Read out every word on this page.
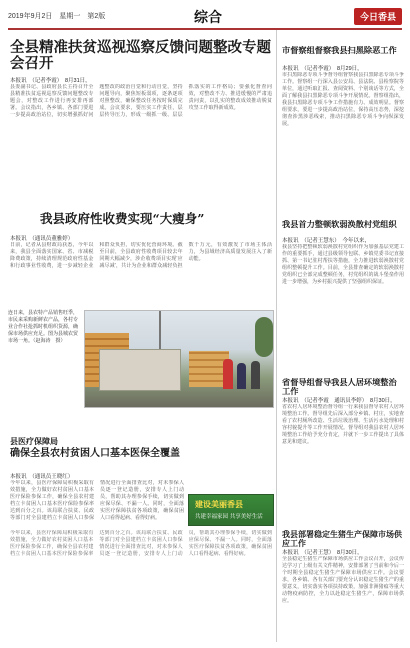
2019年9月2日　星期一　第2版	综合	今日香县
全县精准扶贫巡视巡察反馈问题整改专题会召开
本报讯　（记者李霞）　8月31日，
县委副书记、县政府县长主持召开全县精准扶贫巡视巡察反馈问题整改专题会，对整改工作进行再安排再部署。会议指出，各乡镇、各部门要进一步提高政治站位，切实增强抓好问题整改的政治自觉和行动自觉，坚持问题导向，聚焦短板弱项，逐条逐项对照整改，确保整改任务按时保质完成。会议要求，要压实工作责任，层层传导压力，形成一级抓一级、层层抓落实的工作格局；要强化督查问效，对整改不力、推进缓慢的严肃追责问责，以扎实的整改成效推动脱贫攻坚工作取得新成效。
我县政府性收费实现“大瘦身”
本报讯　（通讯员董雅婷）
日前，记者从县财政局获悉，今年以来，我县全面落实国家、省、市减税降费政策，持续清理规范政府性基金和行政事业性收费，进一步减轻企业和群众负担，切实优化营商环境。截至目前，全县政府性收费项目较去年同期大幅减少，涉企收费项目实现‘应减尽减’，共计为企业和群众减轻负担数千万元，有效激发了市场主体活力，为县域经济高质量发展注入了新动能。
连日来，县农特产品销售旺季，市民来采购新鲜农产品，各村专业合作社抢抓时机组织货源，确保市场供应充足。图为县城农贸市场一角。（赵海涛　摄）
县医疗保障局
确保全县农村贫困人口基本医保全覆盖
本报讯　（通讯员王晓红）
今年以来，县医疗保障局积极采取有效措施，全力做好农村贫困人口基本医疗保险参保工作，确保全县农村建档立卡贫困人口基本医疗保险参保率达到百分之百。该局联合扶贫、民政等部门对全县建档立卡贫困人口参保情况进行全面排查比对，对未参保人员逐一登记造册，安排专人上门动员，帮助其办理参保手续，切实做到应保尽保、不漏一人。同时，全面落实医疗保障扶贫各项政策，确保贫困人口看得起病、看得好病。
建设美丽香县
共建幸福家园 共享美好生活
今年以来，县医疗保障局积极采取有效措施，全力做好农村贫困人口基本医疗保险参保工作，确保全县农村建档立卡贫困人口基本医疗保险参保率达到百分之百。该局联合扶贫、民政等部门对全县建档立卡贫困人口参保情况进行全面排查比对，对未参保人员逐一登记造册，安排专人上门动员，帮助其办理参保手续，切实做到应保尽保、不漏一人。同时，全面落实医疗保障扶贫各项政策，确保贫困人口看得起病、看得好病。
市督察组督察我县扫黑除恶工作
本报讯　（记者李霞）　8月29日，
市扫黑除恶专项斗争督导组督察我县扫黑除恶专项斗争工作。督察组一行深入县公安局、县法院、县检察院等单位，通过听取汇报、查阅资料、个别谈话等方式，全面了解我县扫黑除恶专项斗争开展情况。督察组指出，我县扫黑除恶专项斗争工作措施有力、成效明显。督察组要求，要进一步提高政治站位，保持高压态势，深挖彻查涉黑涉恶线索，推动扫黑除恶专项斗争向纵深发展。
我县首力整顿软弱涣散村党组织
本报讯　（记者王慧东）　今年以来，
我县坚持把整顿软弱涣散村党组织作为加强基层党建工作的重要抓手，通过县级领导包联、乡镇党委书记直接抓、第一书记驻村帮扶等措施，全力推进软弱涣散村党组织整顿提升工作。目前，全县排查确定的软弱涣散村党组织已全部完成整顿任务，村党组织的战斗堡垒作用进一步增强，为乡村振兴提供了坚强组织保证。
省督导组督导我县人居环境整治工作
本报讯　（记者李霞　通讯员李婷）　8月30日，
省农村人居环境整治督导组一行来我县督导农村人居环境整治工作。督导组先后深入部分乡镇、村庄，实地查看了农村厕所改造、生活垃圾治理、生活污水处理和村容村貌提升等工作开展情况。督导组对我县农村人居环境整治工作给予充分肯定，并就下一步工作提出了具体意见和建议。
我县部署稳定生猪生产保障市场供应工作
本报讯　（记者王慧）　8月30日，
全县稳定生猪生产保障市场供应工作会议召开，会议传达学习了上级有关文件精神，安排部署了当前和今后一个时期全县稳定生猪生产保障市场供应工作。会议要求，各乡镇、各有关部门要充分认识稳定生猪生产的重要意义，切实落实各项扶持政策，加强非洲猪瘟等重大动物疫病防控，全力以赴稳定生猪生产，保障市场供应。
